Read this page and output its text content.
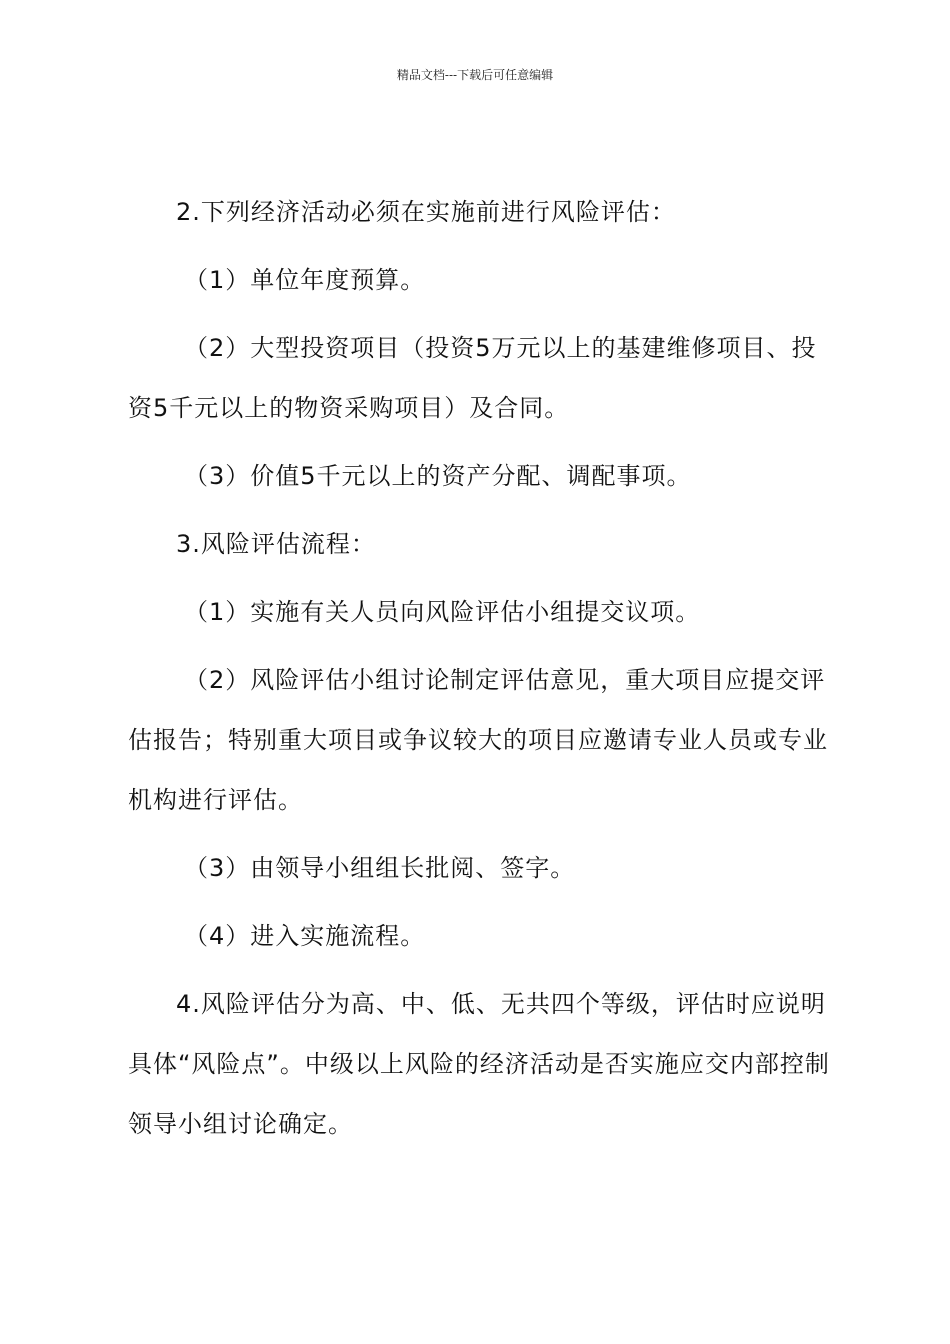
精品文档---下载后可任意编辑

2.下列经济活动必须在实施前进行风险评估：

（1）单位年度预算。

（2）大型投资项目（投资5万元以上的基建维修项目、投资5千元以上的物资采购项目）及合同。

（3）价值5千元以上的资产分配、调配事项。

3.风险评估流程：

（1）实施有关人员向风险评估小组提交议项。

（2）风险评估小组讨论制定评估意见，重大项目应提交评估报告；特别重大项目或争议较大的项目应邀请专业人员或专业机构进行评估。

（3）由领导小组组长批阅、签字。

（4）进入实施流程。

4.风险评估分为高、中、低、无共四个等级，评估时应说明具体“风险点”。中级以上风险的经济活动是否实施应交内部控制领导小组讨论确定。
